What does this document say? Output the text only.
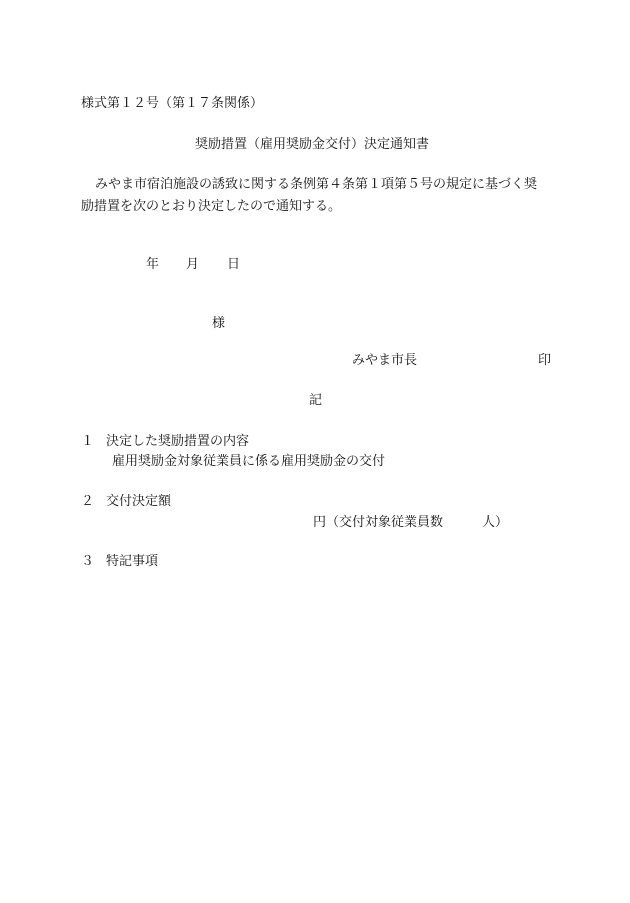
様式第１２号（第１７条関係）
奨励措置（雇用奨励金交付）決定通知書
みやま市宿泊施設の誘致に関する条例第４条第１項第５号の規定に基づく奨
励措置を次のとおり決定したので通知する。
年 月 日
様
みやま市長	印
記
１ 決定した奨励措置の内容
雇用奨励金対象従業員に係る雇用奨励金の交付
２ 交付決定額
円（交付対象従業員数　　　人）
３ 特記事項
